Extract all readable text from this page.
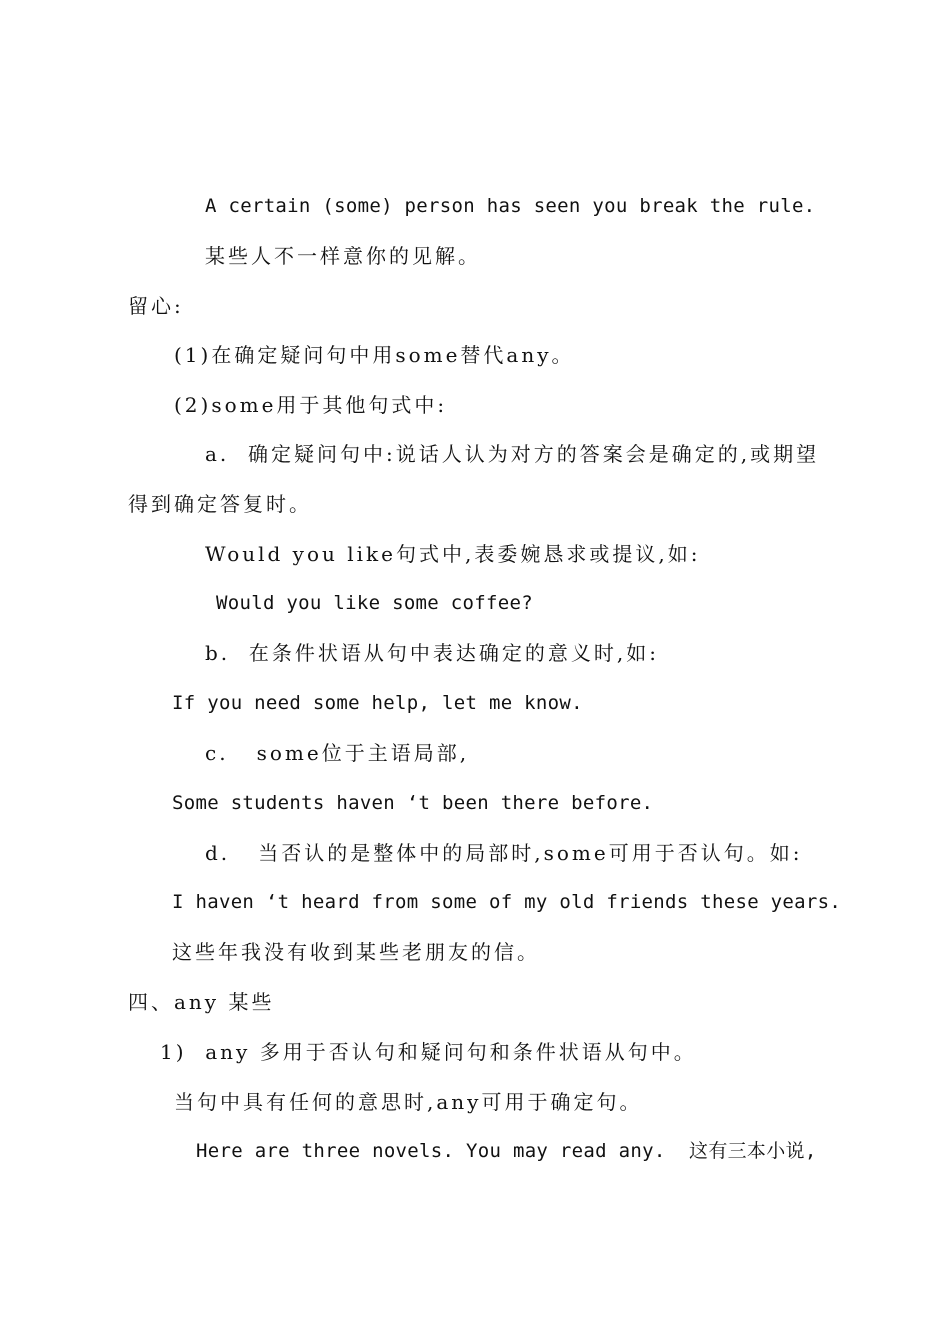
A certain (some) person has seen you break the rule.
某些人不一样意你的见解。
留心:
(1)在确定疑问句中用some替代any。
(2)some用于其他句式中:
a.  确定疑问句中:说话人认为对方的答案会是确定的,或期望
得到确定答复时。
Would you like句式中,表委婉恳求或提议,如:
Would you like some coffee?
b.  在条件状语从句中表达确定的意义时,如:
If you need some help, let me know.
c.   some位于主语局部,
Some students haven ‘t been there before.
d.   当否认的是整体中的局部时,some可用于否认句。如:
I haven ‘t heard from some of my old friends these years.
这些年我没有收到某些老朋友的信。
四、any 某些
1)  any 多用于否认句和疑问句和条件状语从句中。
当句中具有任何的意思时,any可用于确定句。
Here are three novels. You may read any.  这有三本小说,
